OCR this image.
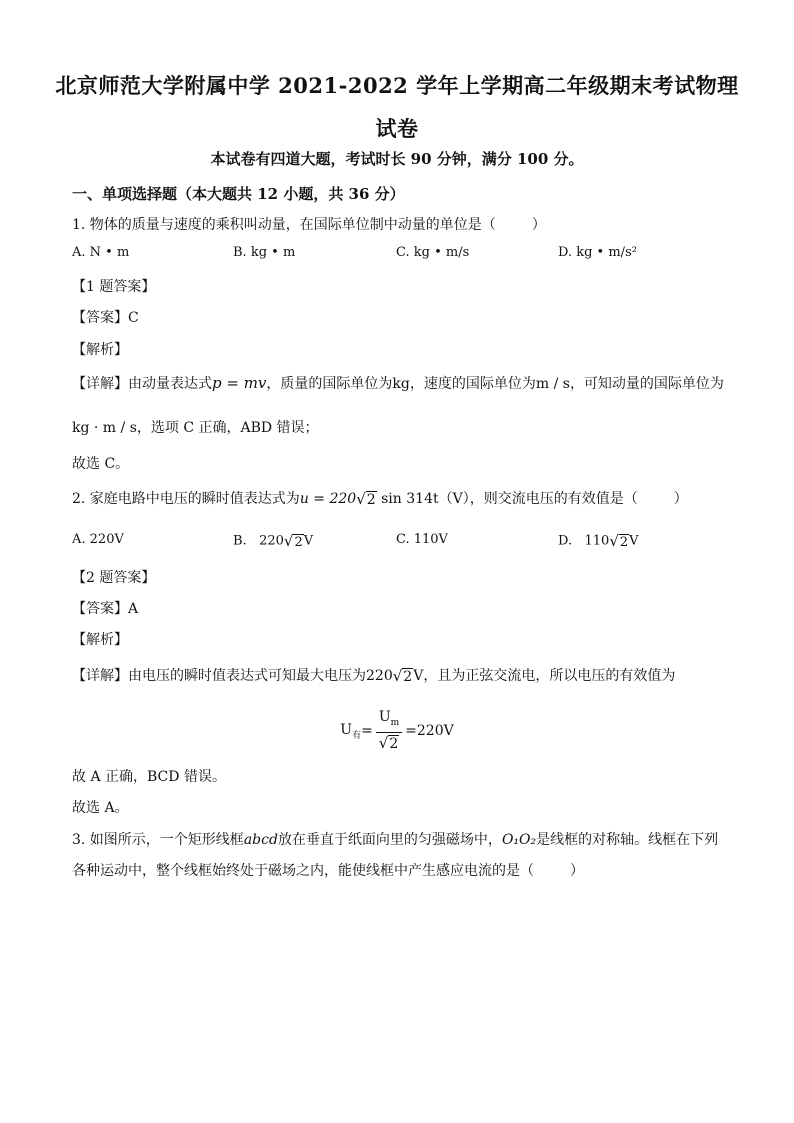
北京师范大学附属中学 2021-2022 学年上学期高二年级期末考试物理
试卷
本试卷有四道大题，考试时长 90 分钟，满分 100 分。
一、单项选择题（本大题共 12 小题，共 36 分）
1. 物体的质量与速度的乘积叫动量，在国际单位制中动量的单位是（	）
A. N • m	B. kg • m	C. kg • m/s	D. kg • m/s²
【1 题答案】
【答案】C
【解析】
【详解】由动量表达式p = mv，质量的国际单位为kg，速度的国际单位为m / s，可知动量的国际单位为
kg · m / s，选项 C 正确，ABD 错误；
故选 C。
2. 家庭电路中电压的瞬时值表达式为u = 220√2 sin 314t（V），则交流电压的有效值是（	）
A. 220V	B. 220√2V	C. 110V	D. 110√2V
【2 题答案】
【答案】A
【解析】
【详解】由电压的瞬时值表达式可知最大电压为220√2V，且为正弦交流电，所以电压的有效值为
$U_有 = \frac{U_m}{√2} =220V$
故 A 正确，BCD 错误。
故选 A。
3. 如图所示，一个矩形线框abcd放在垂直于纸面向里的匀强磁场中，O₁O₂是线框的对称轴。线框在下列
各种运动中，整个线框始终处于磁场之内，能使线框中产生感应电流的是（	）
